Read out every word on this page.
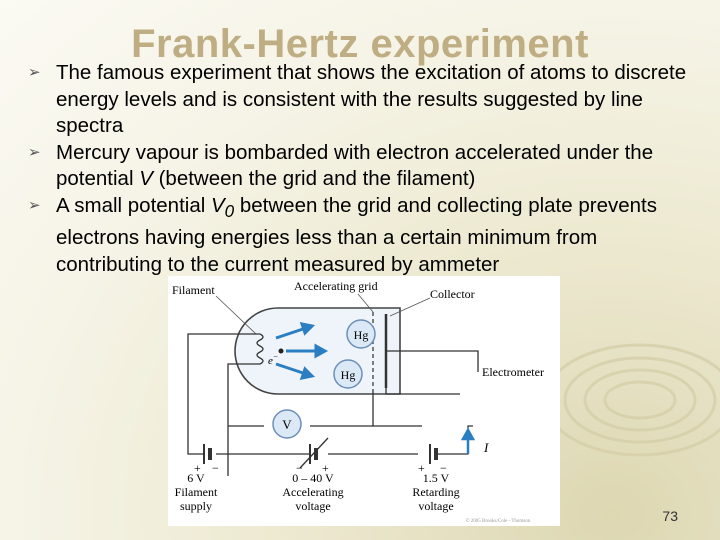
Frank-Hertz experiment
➢ The famous experiment that shows the excitation of atoms to discrete energy levels and is consistent with the results suggested by line spectra
➢ Mercury vapour is bombarded with electron accelerated under the potential V (between the grid and the filament)
➢ A small potential $V_0$ between the grid and collecting plate prevents electrons having energies less than a certain minimum from contributing to the current measured by ammeter
e−
Hg
Hg
Filament	Accelerating grid
Collector
Electrometer
+ −	− +	+ −
V
I
6 V
Filament
supply
0 – 40 V
Accelerating
voltage
1.5 V
Retarding
voltage
© 2005 Brooks/Cole - Thomson	73
